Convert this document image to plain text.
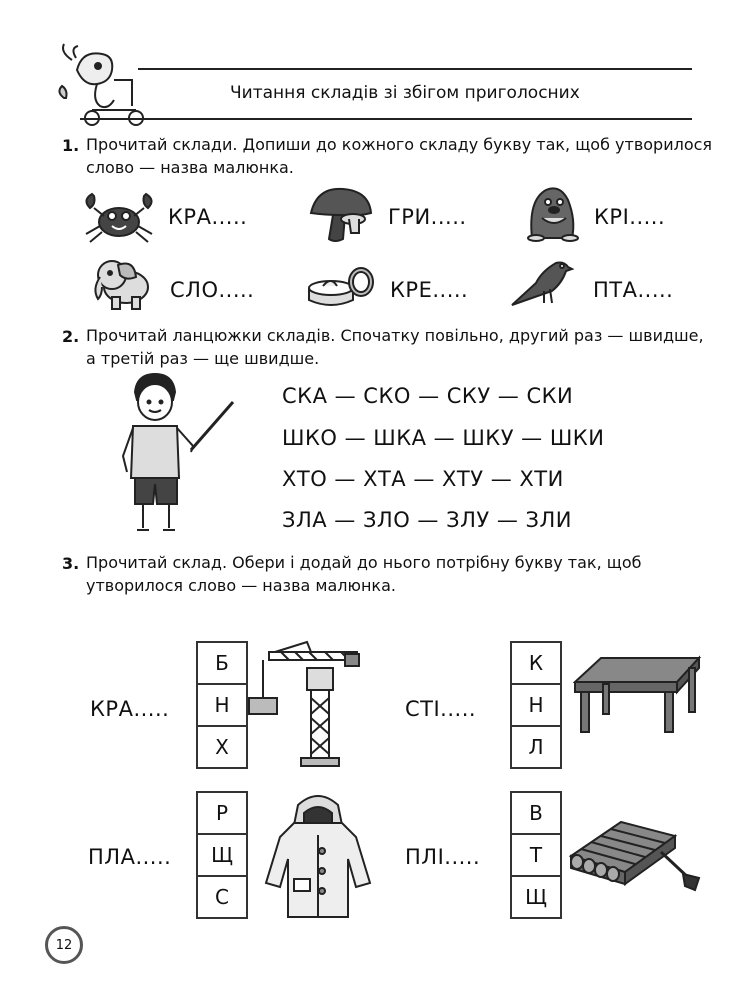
Читання складів зі збігом приголосних
1. Прочитай склади. Допиши до кожного складу букву так, щоб утворилося
слово — назва малюнка.
КРА.....	ГРИ.....	КРІ.....
СЛО.....	КРЕ.....	ПТА.....
2. Прочитай ланцюжки складів. Спочатку повільно, другий раз — швидше,
а третій раз — ще швидше.
СКА — СКО — СКУ — СКИ
ШКО — ШКА — ШКУ — ШКИ
ХТО — ХТА — ХТУ — ХТИ
ЗЛА — ЗЛО — ЗЛУ — ЗЛИ
3. Прочитай склад. Обери і додай до нього потрібну букву так, щоб
утворилося слово — назва малюнка.
КРА.....
Б
Н
Х
СТІ.....
К
Н
Л
ПЛА.....
Р
Щ
С
ПЛІ.....
В
Т
Щ
12
